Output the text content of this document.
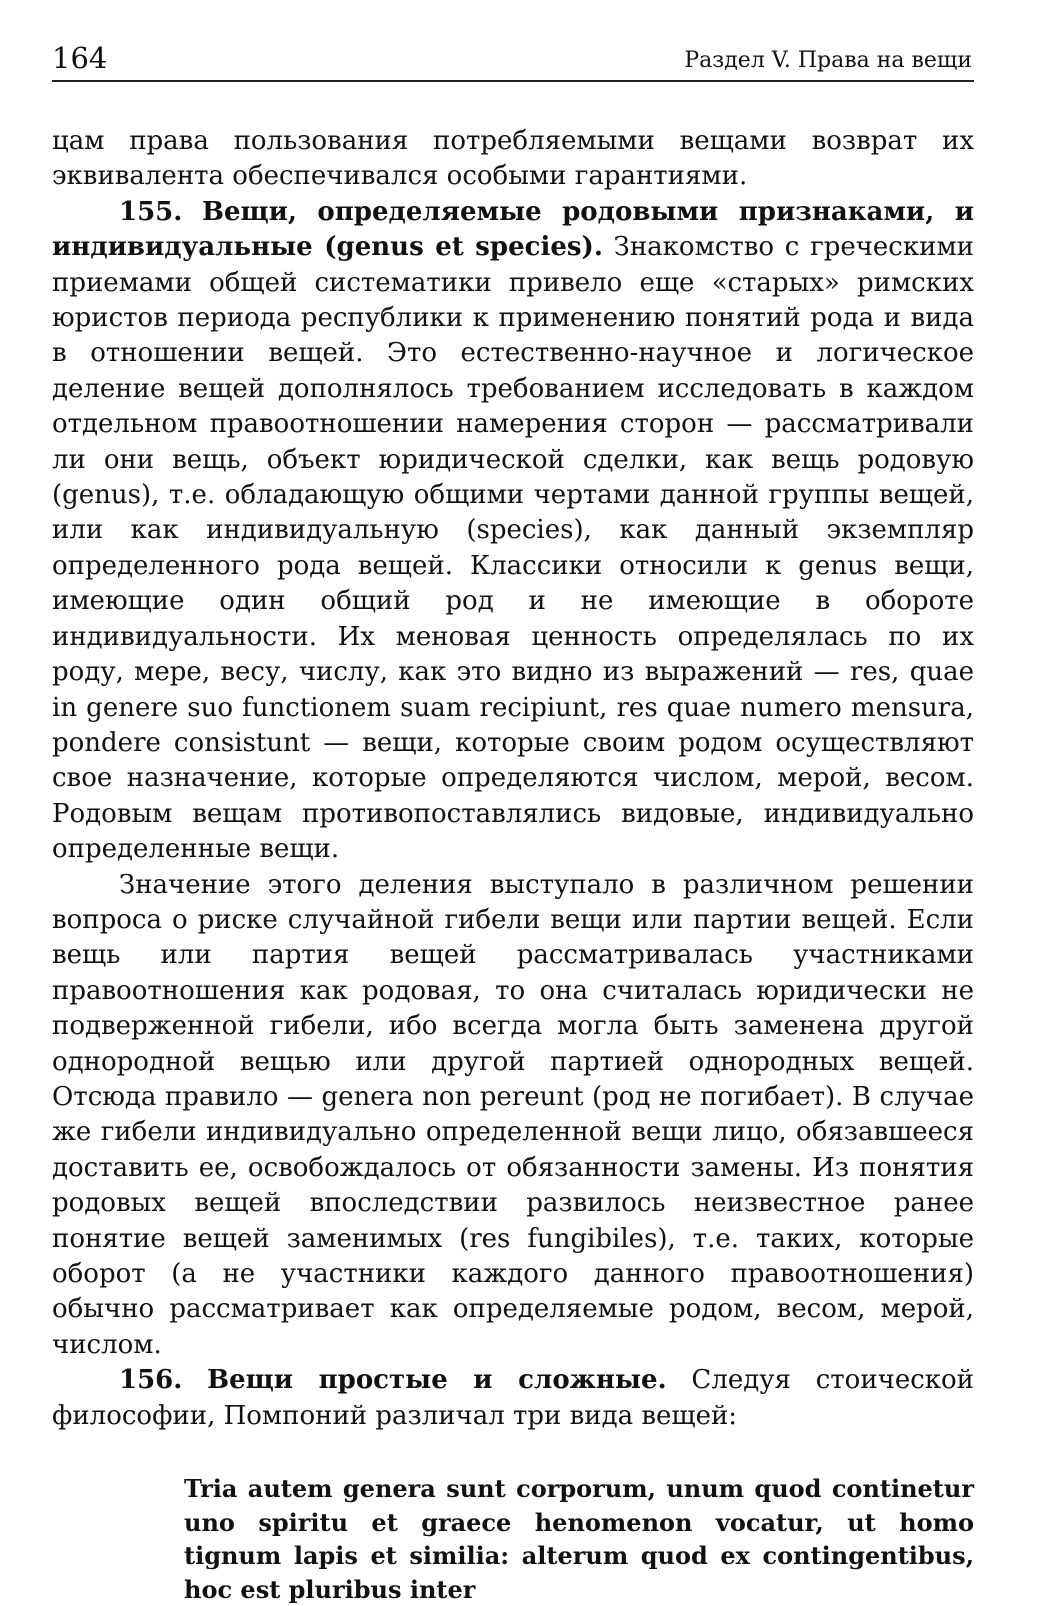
164	Раздел V. Права на вещи

цам права пользования потребляемыми вещами возврат их эквивалента обеспечивался особыми гарантиями.

155. Вещи, определяемые родовыми признаками, и индивидуальные (genus et species). Знакомство с греческими приемами общей систематики привело еще «старых» римских юристов периода республики к применению понятий рода и вида в отношении вещей. Это естественно-научное и логическое деление вещей дополнялось требованием исследовать в каждом отдельном правоотношении намерения сторон — рассматривали ли они вещь, объект юридической сделки, как вещь родовую (genus), т.е. обладающую общими чертами данной группы вещей, или как индивидуальную (species), как данный экземпляр определенного рода вещей. Классики относили к genus вещи, имеющие один общий род и не имеющие в обороте индивидуальности. Их меновая ценность определялась по их роду, мере, весу, числу, как это видно из выражений — res, quae in genere suo functionem suam recipiunt, res quae numero mensura, pondere consistunt — вещи, которые своим родом осуществляют свое назначение, которые определяются числом, мерой, весом. Родовым вещам противопоставлялись видовые, индивидуально определенные вещи.

Значение этого деления выступало в различном решении вопроса о риске случайной гибели вещи или партии вещей. Если вещь или партия вещей рассматривалась участниками правоотношения как родовая, то она считалась юридически не подверженной гибели, ибо всегда могла быть заменена другой однородной вещью или другой партией однородных вещей. Отсюда правило — genera non pereunt (род не погибает). В случае же гибели индивидуально определенной вещи лицо, обязавшееся доставить ее, освобождалось от обязанности замены. Из понятия родовых вещей впоследствии развилось неизвестное ранее понятие вещей заменимых (res fungibiles), т.е. таких, которые оборот (а не участники каждого данного правоотношения) обычно рассматривает как определяемые родом, весом, мерой, числом.

156. Вещи простые и сложные. Следуя стоической философии, Помпоний различал три вида вещей:

Tria autem genera sunt corporum, unum quod continetur uno spiritu et graece henomenon vocatur, ut homo tignum lapis et similia: alterum quod ex contingentibus, hoc est pluribus inter
